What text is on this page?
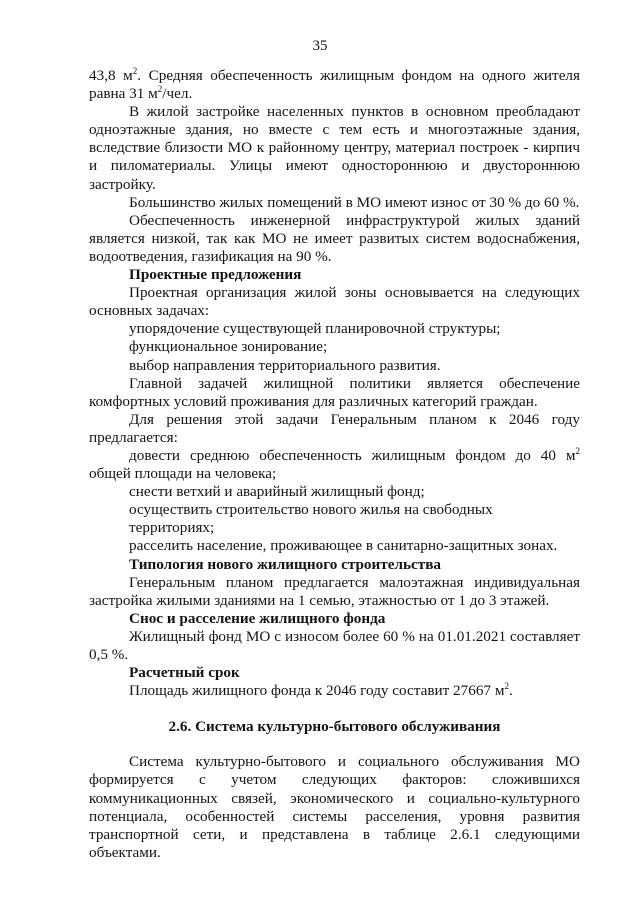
35

43,8 $м^2$. Средняя обеспеченность жилищным фондом на одного жителя равна 31 $м^2$/чел.

В жилой застройке населенных пунктов в основном преобладают одноэтажные здания, но вместе с тем есть и многоэтажные здания, вследствие близости МО к районному центру, материал построек - кирпич и пиломатериалы. Улицы имеют одностороннюю и двустороннюю застройку.

Большинство жилых помещений в МО имеют износ от 30 % до 60 %.

Обеспеченность инженерной инфраструктурой жилых зданий является низкой, так как МО не имеет развитых систем водоснабжения, водоотведения, газификация на 90 %.

Проектные предложения

Проектная организация жилой зоны основывается на следующих основных задачах:

упорядочение существующей планировочной структуры;

функциональное зонирование;

выбор направления территориального развития.

Главной задачей жилищной политики является обеспечение комфортных условий проживания для различных категорий граждан.

Для решения этой задачи Генеральным планом к 2046 году предлагается:

довести среднюю обеспеченность жилищным фондом до 40 $м^2$ общей площади на человека;

снести ветхий и аварийный жилищный фонд;

осуществить строительство нового жилья на свободных территориях;

расселить население, проживающее в санитарно-защитных зонах.

Типология нового жилищного строительства

Генеральным планом предлагается малоэтажная индивидуальная застройка жилыми зданиями на 1 семью, этажностью от 1 до 3 этажей.

Снос и расселение жилищного фонда

Жилищный фонд МО с износом более 60 % на 01.01.2021 составляет 0,5 %.

Расчетный срок

Площадь жилищного фонда к 2046 году составит 27667 $м^2$.

2.6. Система культурно-бытового обслуживания

Система культурно-бытового и социального обслуживания МО формируется с учетом следующих факторов: сложившихся коммуникационных связей, экономического и социально-культурного потенциала, особенностей системы расселения, уровня развития транспортной сети, и представлена в таблице 2.6.1 следующими объектами.
